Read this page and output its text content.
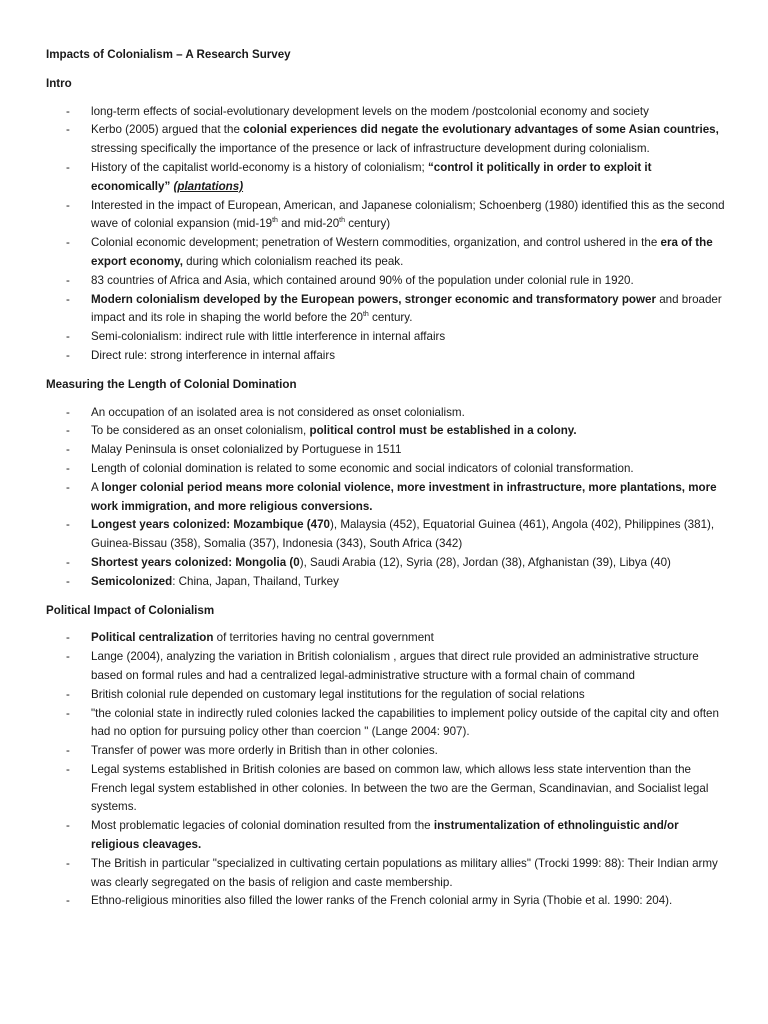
Impacts of Colonialism – A Research Survey

Intro

- long-term effects of social-evolutionary development levels on the modem /postcolonial economy and society
- Kerbo (2005) argued that the colonial experiences did negate the evolutionary advantages of some Asian countries, stressing specifically the importance of the presence or lack of infrastructure development during colonialism.
- History of the capitalist world-economy is a history of colonialism; “control it politically in order to exploit it economically” (plantations)
- Interested in the impact of European, American, and Japanese colonialism; Schoenberg (1980) identified this as the second wave of colonial expansion (mid-19th and mid-20th century)
- Colonial economic development; penetration of Western commodities, organization, and control ushered in the era of the export economy, during which colonialism reached its peak.
- 83 countries of Africa and Asia, which contained around 90% of the population under colonial rule in 1920.
- Modern colonialism developed by the European powers, stronger economic and transformatory power and broader impact and its role in shaping the world before the 20th century.
- Semi-colonialism: indirect rule with little interference in internal affairs
- Direct rule: strong interference in internal affairs

Measuring the Length of Colonial Domination

- An occupation of an isolated area is not considered as onset colonialism.
- To be considered as an onset colonialism, political control must be established in a colony.
- Malay Peninsula is onset colonialized by Portuguese in 1511
- Length of colonial domination is related to some economic and social indicators of colonial transformation.
- A longer colonial period means more colonial violence, more investment in infrastructure, more plantations, more work immigration, and more religious conversions.
- Longest years colonized: Mozambique (470), Malaysia (452), Equatorial Guinea (461), Angola (402), Philippines (381), Guinea-Bissau (358), Somalia (357), Indonesia (343), South Africa (342)
- Shortest years colonized: Mongolia (0), Saudi Arabia (12), Syria (28), Jordan (38), Afghanistan (39), Libya (40)
- Semicolonized: China, Japan, Thailand, Turkey

Political Impact of Colonialism

- Political centralization of territories having no central government
- Lange (2004), analyzing the variation in British colonialism , argues that direct rule provided an administrative structure based on formal rules and had a centralized legal-administrative structure with a formal chain of command
- British colonial rule depended on customary legal institutions for the regulation of social relations
- "the colonial state in indirectly ruled colonies lacked the capabilities to implement policy outside of the capital city and often had no option for pursuing policy other than coercion " (Lange 2004: 907).
- Transfer of power was more orderly in British than in other colonies.
- Legal systems established in British colonies are based on common law, which allows less state intervention than the French legal system established in other colonies. In between the two are the German, Scandinavian, and Socialist legal systems.
- Most problematic legacies of colonial domination resulted from the instrumentalization of ethnolinguistic and/or religious cleavages.
- The British in particular "specialized in cultivating certain populations as military allies" (Trocki 1999: 88): Their Indian army was clearly segregated on the basis of religion and caste membership.
- Ethno-religious minorities also filled the lower ranks of the French colonial army in Syria (Thobie et al. 1990: 204).
